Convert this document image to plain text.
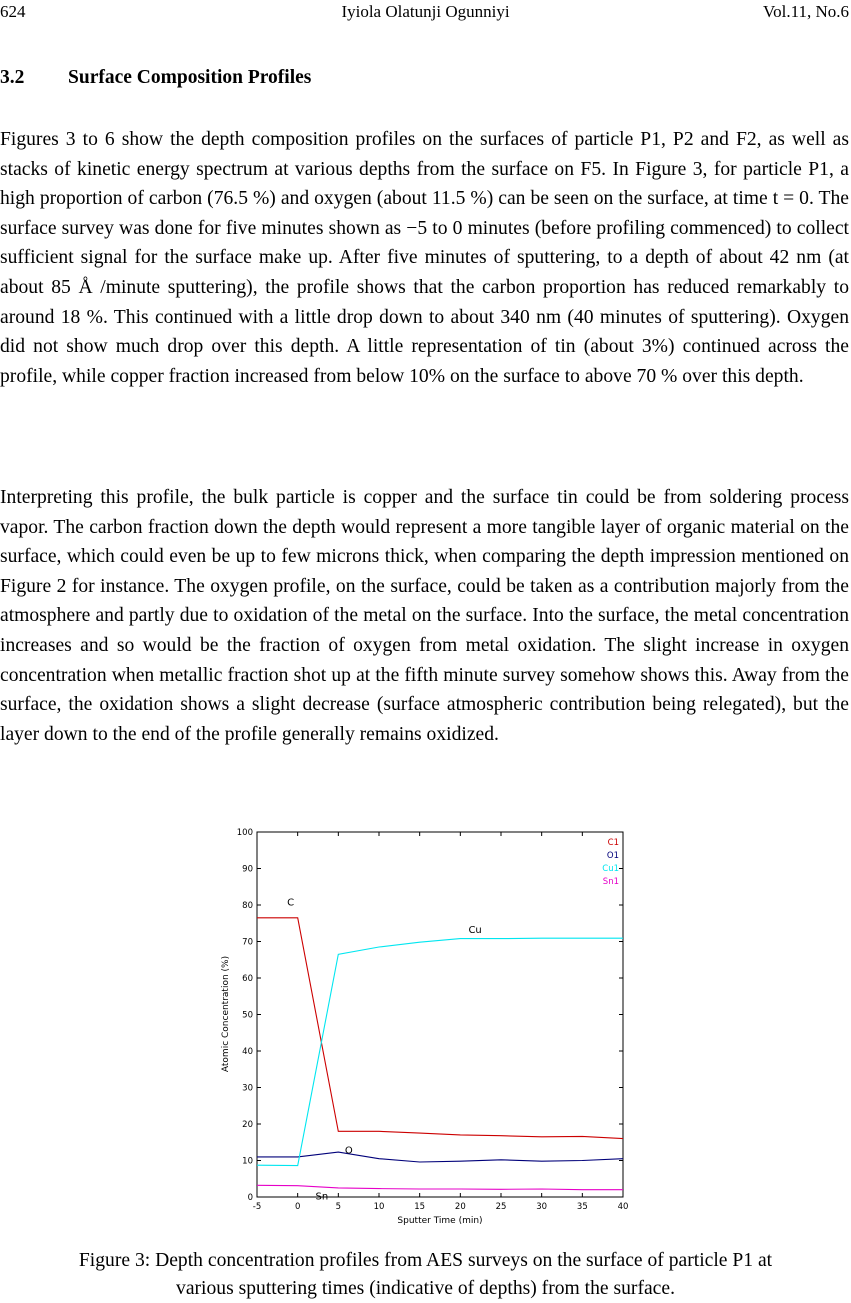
624	Iyiola Olatunji Ogunniyi	Vol.11, No.6
3.2 Surface Composition Profiles

Figures 3 to 6 show the depth composition profiles on the surfaces of particle P1, P2 and F2, as well as stacks of kinetic energy spectrum at various depths from the surface on F5. In Figure 3, for particle P1, a high proportion of carbon (76.5 %) and oxygen (about 11.5 %) can be seen on the surface, at time t = 0. The surface survey was done for five minutes shown as −5 to 0 minutes (before profiling commenced) to collect sufficient signal for the surface make up. After five minutes of sputtering, to a depth of about 42 nm (at about 85 Å /minute sputtering), the profile shows that the carbon proportion has reduced remarkably to around 18 %. This continued with a little drop down to about 340 nm (40 minutes of sputtering). Oxygen did not show much drop over this depth. A little representation of tin (about 3%) continued across the profile, while copper fraction increased from below 10% on the surface to above 70 % over this depth.

Interpreting this profile, the bulk particle is copper and the surface tin could be from soldering process vapor. The carbon fraction down the depth would represent a more tangible layer of organic material on the surface, which could even be up to few microns thick, when comparing the depth impression mentioned on Figure 2 for instance. The oxygen profile, on the surface, could be taken as a contribution majorly from the atmosphere and partly due to oxidation of the metal on the surface. Into the surface, the metal concentration increases and so would be the fraction of oxygen from metal oxidation. The slight increase in oxygen concentration when metallic fraction shot up at the fifth minute survey somehow shows this. Away from the surface, the oxidation shows a slight decrease (surface atmospheric contribution being relegated), but the layer down to the end of the profile generally remains oxidized.

-5	0	5	10	15	20	25	30	35	40
0
10
20
30
40
50
60
70
80
90
100
C
O
Cu
Sn
C1
O1
Cu1
Sn1
Sputter Time (min)
Atomic Concentration (%)
Figure 3: Depth concentration profiles from AES surveys on the surface of particle P1 at
various sputtering times (indicative of depths) from the surface.
